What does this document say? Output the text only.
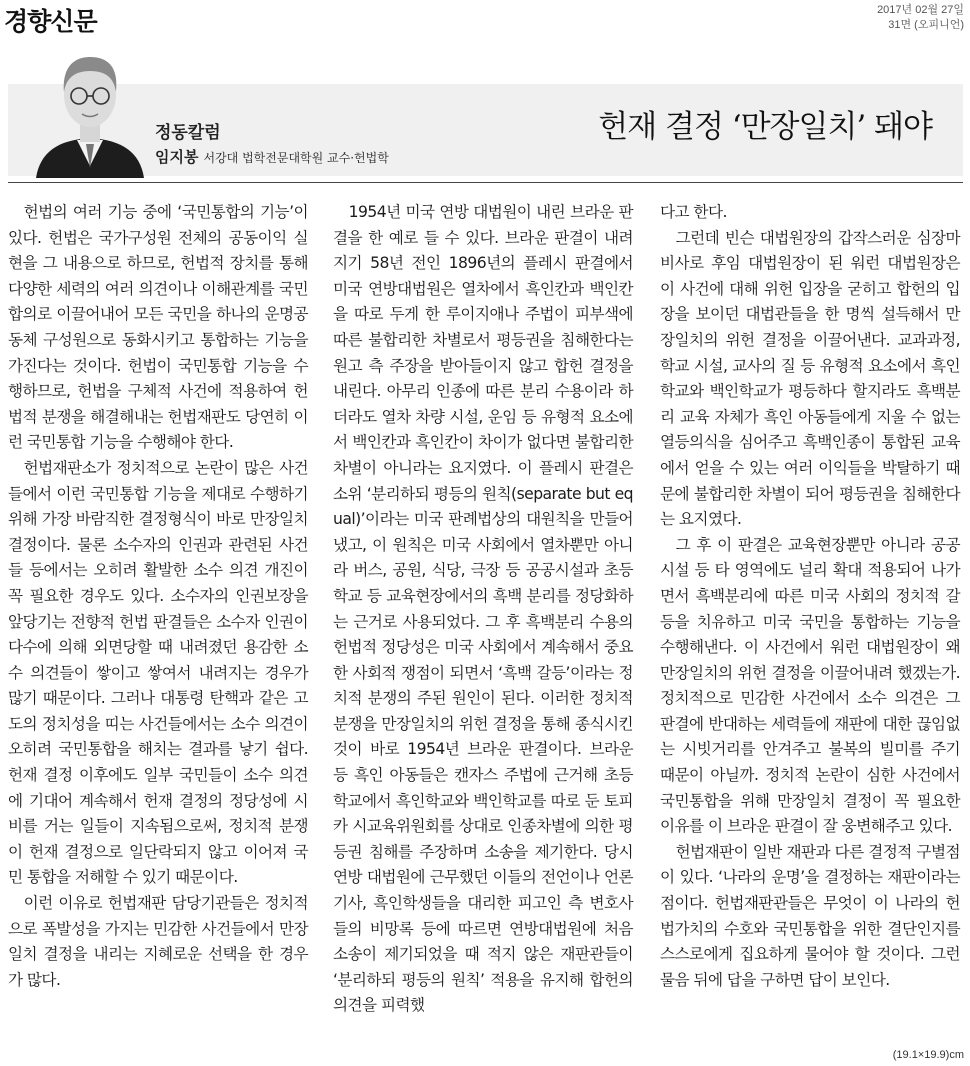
경향신문	2017년 02월 27일
31면 (오피니언)
정동칼럼
임지봉 서강대 법학전문대학원 교수·헌법학
헌재 결정 ‘만장일치’ 돼야

헌법의 여러 기능 중에 ‘국민통합의 기능’이 있다. 헌법은 국가구성원 전체의 공동이익 실현을 그 내용으로 하므로, 헌법적 장치를 통해 다양한 세력의 여러 의견이나 이해관계를 국민 합의로 이끌어내어 모든 국민을 하나의 운명공동체 구성원으로 동화시키고 통합하는 기능을 가진다는 것이다. 헌법이 국민통합 기능을 수행하므로, 헌법을 구체적 사건에 적용하여 헌법적 분쟁을 해결해내는 헌법재판도 당연히 이런 국민통합 기능을 수행해야 한다.

헌법재판소가 정치적으로 논란이 많은 사건들에서 이런 국민통합 기능을 제대로 수행하기 위해 가장 바람직한 결정형식이 바로 만장일치 결정이다. 물론 소수자의 인권과 관련된 사건들 등에서는 오히려 활발한 소수 의견 개진이 꼭 필요한 경우도 있다. 소수자의 인권보장을 앞당기는 전향적 헌법 판결들은 소수자 인권이 다수에 의해 외면당할 때 내려졌던 용감한 소수 의견들이 쌓이고 쌓여서 내려지는 경우가 많기 때문이다. 그러나 대통령 탄핵과 같은 고도의 정치성을 띠는 사건들에서는 소수 의견이 오히려 국민통합을 해치는 결과를 낳기 쉽다. 헌재 결정 이후에도 일부 국민들이 소수 의견에 기대어 계속해서 헌재 결정의 정당성에 시비를 거는 일들이 지속됨으로써, 정치적 분쟁이 헌재 결정으로 일단락되지 않고 이어져 국민 통합을 저해할 수 있기 때문이다.

이런 이유로 헌법재판 담당기관들은 정치적으로 폭발성을 가지는 민감한 사건들에서 만장일치 결정을 내리는 지혜로운 선택을 한 경우가 많다.

1954년 미국 연방 대법원이 내린 브라운 판결을 한 예로 들 수 있다. 브라운 판결이 내려지기 58년 전인 1896년의 플레시 판결에서 미국 연방대법원은 열차에서 흑인칸과 백인칸을 따로 두게 한 루이지애나 주법이 피부색에 따른 불합리한 차별로서 평등권을 침해한다는 원고 측 주장을 받아들이지 않고 합헌 결정을 내린다. 아무리 인종에 따른 분리 수용이라 하더라도 열차 차량 시설, 운임 등 유형적 요소에서 백인칸과 흑인칸이 차이가 없다면 불합리한 차별이 아니라는 요지였다. 이 플레시 판결은 소위 ‘분리하되 평등의 원칙(separate but equal)’이라는 미국 판례법상의 대원칙을 만들어냈고, 이 원칙은 미국 사회에서 열차뿐만 아니라 버스, 공원, 식당, 극장 등 공공시설과 초등학교 등 교육현장에서의 흑백 분리를 정당화하는 근거로 사용되었다. 그 후 흑백분리 수용의 헌법적 정당성은 미국 사회에서 계속해서 중요한 사회적 쟁점이 되면서 ‘흑백 갈등’이라는 정치적 분쟁의 주된 원인이 된다. 이러한 정치적 분쟁을 만장일치의 위헌 결정을 통해 종식시킨 것이 바로 1954년 브라운 판결이다. 브라운 등 흑인 아동들은 캔자스 주법에 근거해 초등학교에서 흑인학교와 백인학교를 따로 둔 토피카 시교육위원회를 상대로 인종차별에 의한 평등권 침해를 주장하며 소송을 제기한다. 당시 연방 대법원에 근무했던 이들의 전언이나 언론 기사, 흑인학생들을 대리한 피고인 측 변호사들의 비망록 등에 따르면 연방대법원에 처음 소송이 제기되었을 때 적지 않은 재판관들이 ‘분리하되 평등의 원칙’ 적용을 유지해 합헌의 의견을 피력했

다고 한다.

그런데 빈슨 대법원장의 갑작스러운 심장마비사로 후임 대법원장이 된 워런 대법원장은 이 사건에 대해 위헌 입장을 굳히고 합헌의 입장을 보이던 대법관들을 한 명씩 설득해서 만장일치의 위헌 결정을 이끌어낸다. 교과과정, 학교 시설, 교사의 질 등 유형적 요소에서 흑인학교와 백인학교가 평등하다 할지라도 흑백분리 교육 자체가 흑인 아동들에게 지울 수 없는 열등의식을 심어주고 흑백인종이 통합된 교육에서 얻을 수 있는 여러 이익들을 박탈하기 때문에 불합리한 차별이 되어 평등권을 침해한다는 요지였다.

그 후 이 판결은 교육현장뿐만 아니라 공공시설 등 타 영역에도 널리 확대 적용되어 나가면서 흑백분리에 따른 미국 사회의 정치적 갈등을 치유하고 미국 국민을 통합하는 기능을 수행해낸다. 이 사건에서 워런 대법원장이 왜 만장일치의 위헌 결정을 이끌어내려 했겠는가. 정치적으로 민감한 사건에서 소수 의견은 그 판결에 반대하는 세력들에 재판에 대한 끊임없는 시빗거리를 안겨주고 불복의 빌미를 주기 때문이 아닐까. 정치적 논란이 심한 사건에서 국민통합을 위해 만장일치 결정이 꼭 필요한 이유를 이 브라운 판결이 잘 웅변해주고 있다.

헌법재판이 일반 재판과 다른 결정적 구별점이 있다. ‘나라의 운명’을 결정하는 재판이라는 점이다. 헌법재판관들은 무엇이 이 나라의 헌법가치의 수호와 국민통합을 위한 결단인지를 스스로에게 집요하게 물어야 할 것이다. 그런 물음 뒤에 답을 구하면 답이 보인다.

(19.1×19.9)cm
